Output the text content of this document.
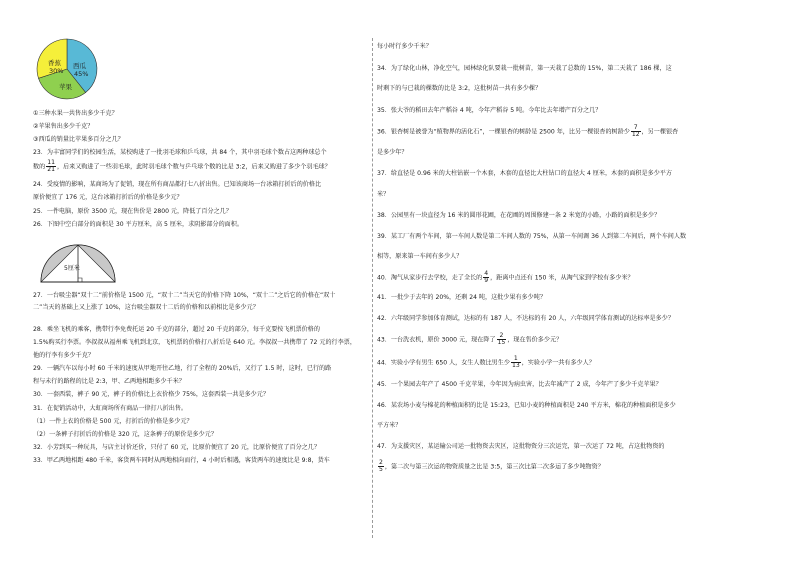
香蕉
30%
西瓜
45%
苹果
①三种水果一共售出多少千克？
②苹果售出多少千克？
③西瓜的销量比苹果多百分之几？
23．为丰富同学们的校园生活，某校购进了一批羽毛球和乒乓球，共 84 个，其中羽毛球个数占这两种球总个
数的 $\frac{11}{21}$ ，后来又购进了一些羽毛球，此时羽毛球个数与乒乓球个数的比是 3:2，后来又购进了多少个羽毛球？
24．受疫情的影响，某商场为了促销，现在所有商品都打七八折出售。已知该商场一台冰箱打折后的价格比
原价便宜了 176 元，这台冰箱打折后的价格是多少元？
25．一件电脑，原价 3500 元，现在售价是 2800 元，降低了百分之几？
26．下图中空白部分的面积是 30 平方厘米，高 5 厘米，求阴影部分的面积。
5厘米
27．一台吸尘器“双十二”前价格是 1500 元，“双十二”当天它的价格下降 10%，“双十二”之后它的价格在“双十
二”当天的基础上又上涨了 10%，这台吸尘器双十二后的价格和以前相比是多少元？
28．乘坐飞机的乘客，携带行李免费托运 20 千克的部分，超过 20 千克的部分，每千克要按飞机票价格的
1.5%购买行李票。李叔叔从福州乘飞机到北京，飞机票的价格打八折后是 640 元。李叔叔一共携带了 72 元的行李票，
他的行李有多少千克？
29．一辆汽车以每小时 60 千米的速度从甲地开往乙地，行了全程的 20%后，又行了 1.5 时，这时，已行的路
程与未行的路程的比是 2:3，甲、乙两地相距多少千米？
30．一套西装，裤子 90 元，裤子的价格比上衣价格少 75%，这套西装一共是多少元？
31．在促销活动中，大虹商场所有商品一律打八折出售。
（1）一件上衣的价格是 500 元，打折后的价格是多少元？
（2）一条裤子打折后的价格是 320 元，这条裤子的原价是多少元？
32．小芳到买一种玩具，与店主讨价还价，只付了 60 元，比原价便宜了 20 元，比原价便宜了百分之几？
33．甲乙两地相距 480 千米，客货两车同时从两地相向而行，4 小时后相遇，客货两车的速度比是 9:8，货车
每小时行多少千米？
34．为了绿化山林，净化空气，园林绿化队要栽一批树苗，第一天栽了总数的 15%，第二天栽了 186 棵，这
时剩下的与已栽的棵数的比是 3:2，这批树苗一共有多少棵？
35．张大爷的稻田去年产稻谷 4 吨，今年产稻谷 5 吨。今年比去年增产百分之几？
36．银杏树是被誉为“植物界的活化石”，一棵银杏的树龄是 2500 年，比另一棵银杏的树龄少 $\frac{7}{12}$ ，另一棵银杏
是多少年？
37．给直径是 0.96 米的大柱钻嵌一个木套，木套的直径比大柱钻口的直径大 4 厘米，木套的面积是多少平方
米？
38．公园里有一块直径为 16 米的圆形花圃，在花圃的周围修建一条 2 米宽的小路，小路的面积是多少？
39．某工厂有两个车间，第一车间人数是第二车间人数的 75%，从第一车间调 36 人到第二车间后，两个车间人数
相等，原来第一车间有多少人？
40．淘气从家步行去学校，走了全长的 $\frac{4}{9}$ ，距离中点还有 150 米，从淘气家到学校有多少米？
41．一批少于去年的 20%，还剩 24 吨，这批少果有多少吨？
42．六年级同学参加体育测试，达标的有 187 人，不达标的有 20 人，六年级同学体育测试的达标率是多少？
43．一台洗衣机，原价 3000 元，现在降了 $\frac{2}{15}$ ，现在售价多少元？
44．实验小学有男生 650 人，女生人数比男生少 $\frac{1}{13}$ ，实验小学一共有多少人？
45．一个果园去年产了 4500 千克苹果，今年因为病虫害，比去年减产了 2 成，今年产了多少千克苹果？
46．某农场小麦与棉花的种植面积的比是 15:23，已知小麦的种植面积是 240 平方米，棉花的种植面积是多少
平方米？
47．为支援灾区，某运输公司运一批物资去灾区，这批物资分三次运完，第一次运了 72 吨，占这批物资的
$\frac{2}{5}$ ，第二次与第三次运的物资质量之比是 3:5，第三次比第二次多运了多少吨物资？
